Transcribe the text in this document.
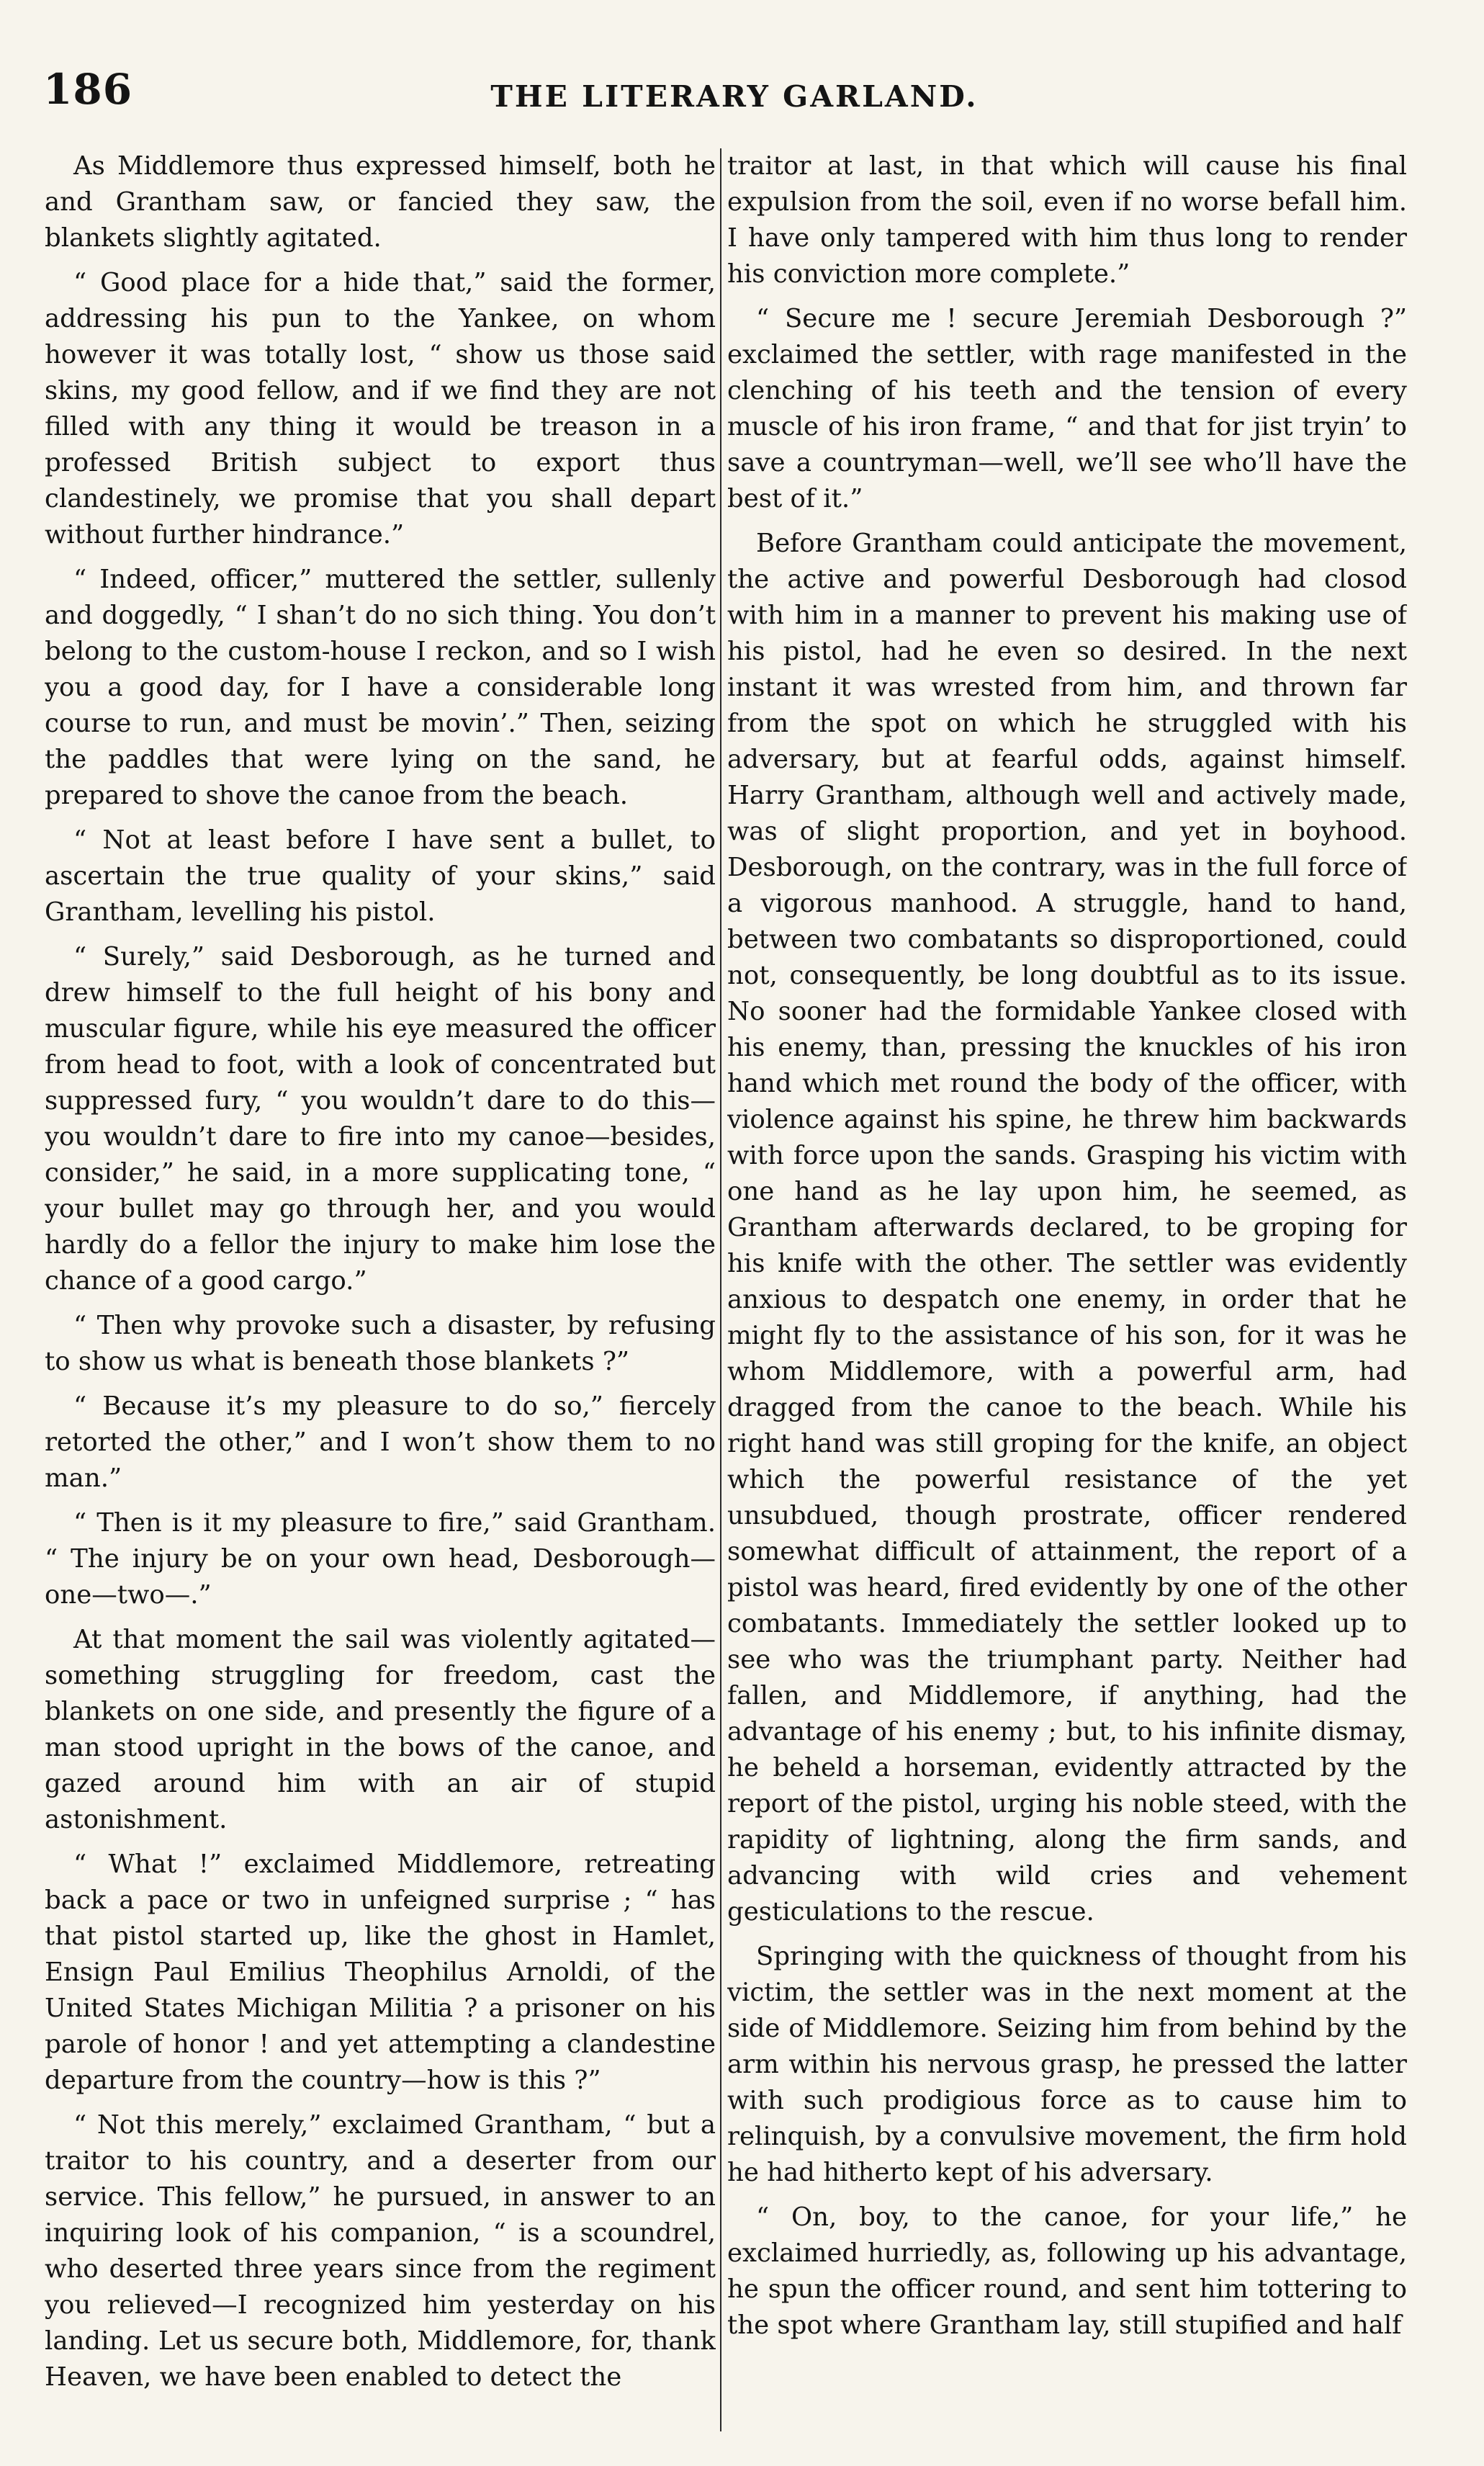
186	THE LITERARY GARLAND.

As Middlemore thus expressed himself, both he and Grantham saw, or fancied they saw, the blankets slightly agitated.

“ Good place for a hide that,” said the former, addressing his pun to the Yankee, on whom however it was totally lost, “ show us those said skins, my good fellow, and if we find they are not filled with any thing it would be treason in a professed British subject to export thus clandestinely, we promise that you shall depart without further hindrance.”

“ Indeed, officer,” muttered the settler, sullenly and doggedly, “ I shan’t do no sich thing. You don’t belong to the custom-house I reckon, and so I wish you a good day, for I have a considerable long course to run, and must be movin’.” Then, seizing the paddles that were lying on the sand, he prepared to shove the canoe from the beach.

“ Not at least before I have sent a bullet, to ascertain the true quality of your skins,” said Grantham, levelling his pistol.

“ Surely,” said Desborough, as he turned and drew himself to the full height of his bony and muscular figure, while his eye measured the officer from head to foot, with a look of concentrated but suppressed fury, “ you wouldn’t dare to do this—you wouldn’t dare to fire into my canoe—besides, consider,” he said, in a more supplicating tone, “ your bullet may go through her, and you would hardly do a fellor the injury to make him lose the chance of a good cargo.”

“ Then why provoke such a disaster, by refusing to show us what is beneath those blankets ?”

“ Because it’s my pleasure to do so,” fiercely retorted the other,” and I won’t show them to no man.”

“ Then is it my pleasure to fire,” said Grantham. “ The injury be on your own head, Desborough—one—two—.”

At that moment the sail was violently agitated—something struggling for freedom, cast the blankets on one side, and presently the figure of a man stood upright in the bows of the canoe, and gazed around him with an air of stupid astonishment.

“ What !” exclaimed Middlemore, retreating back a pace or two in unfeigned surprise ; “ has that pistol started up, like the ghost in Hamlet, Ensign Paul Emilius Theophilus Arnoldi, of the United States Michigan Militia ? a prisoner on his parole of honor ! and yet attempting a clandestine departure from the country—how is this ?”

“ Not this merely,” exclaimed Grantham, “ but a traitor to his country, and a deserter from our service. This fellow,” he pursued, in answer to an inquiring look of his companion, “ is a scoundrel, who deserted three years since from the regiment you relieved—I recognized him yesterday on his landing. Let us secure both, Middlemore, for, thank Heaven, we have been enabled to detect the

traitor at last, in that which will cause his final expulsion from the soil, even if no worse befall him. I have only tampered with him thus long to render his conviction more complete.”

“ Secure me ! secure Jeremiah Desborough ?” exclaimed the settler, with rage manifested in the clenching of his teeth and the tension of every muscle of his iron frame, “ and that for jist tryin’ to save a countryman—well, we’ll see who’ll have the best of it.”

Before Grantham could anticipate the movement, the active and powerful Desborough had closod with him in a manner to prevent his making use of his pistol, had he even so desired. In the next instant it was wrested from him, and thrown far from the spot on which he struggled with his adversary, but at fearful odds, against himself. Harry Grantham, although well and actively made, was of slight proportion, and yet in boyhood. Desborough, on the contrary, was in the full force of a vigorous manhood. A struggle, hand to hand, between two combatants so disproportioned, could not, consequently, be long doubtful as to its issue. No sooner had the formidable Yankee closed with his enemy, than, pressing the knuckles of his iron hand which met round the body of the officer, with violence against his spine, he threw him backwards with force upon the sands. Grasping his victim with one hand as he lay upon him, he seemed, as Grantham afterwards declared, to be groping for his knife with the other. The settler was evidently anxious to despatch one enemy, in order that he might fly to the assistance of his son, for it was he whom Middlemore, with a powerful arm, had dragged from the canoe to the beach. While his right hand was still groping for the knife, an object which the powerful resistance of the yet unsubdued, though prostrate, officer rendered somewhat difficult of attainment, the report of a pistol was heard, fired evidently by one of the other combatants. Immediately the settler looked up to see who was the triumphant party. Neither had fallen, and Middlemore, if anything, had the advantage of his enemy ; but, to his infinite dismay, he beheld a horseman, evidently attracted by the report of the pistol, urging his noble steed, with the rapidity of lightning, along the firm sands, and advancing with wild cries and vehement gesticulations to the rescue.

Springing with the quickness of thought from his victim, the settler was in the next moment at the side of Middlemore. Seizing him from behind by the arm within his nervous grasp, he pressed the latter with such prodigious force as to cause him to relinquish, by a convulsive movement, the firm hold he had hitherto kept of his adversary.

“ On, boy, to the canoe, for your life,” he exclaimed hurriedly, as, following up his advantage, he spun the officer round, and sent him tottering to the spot where Grantham lay, still stupified and half
